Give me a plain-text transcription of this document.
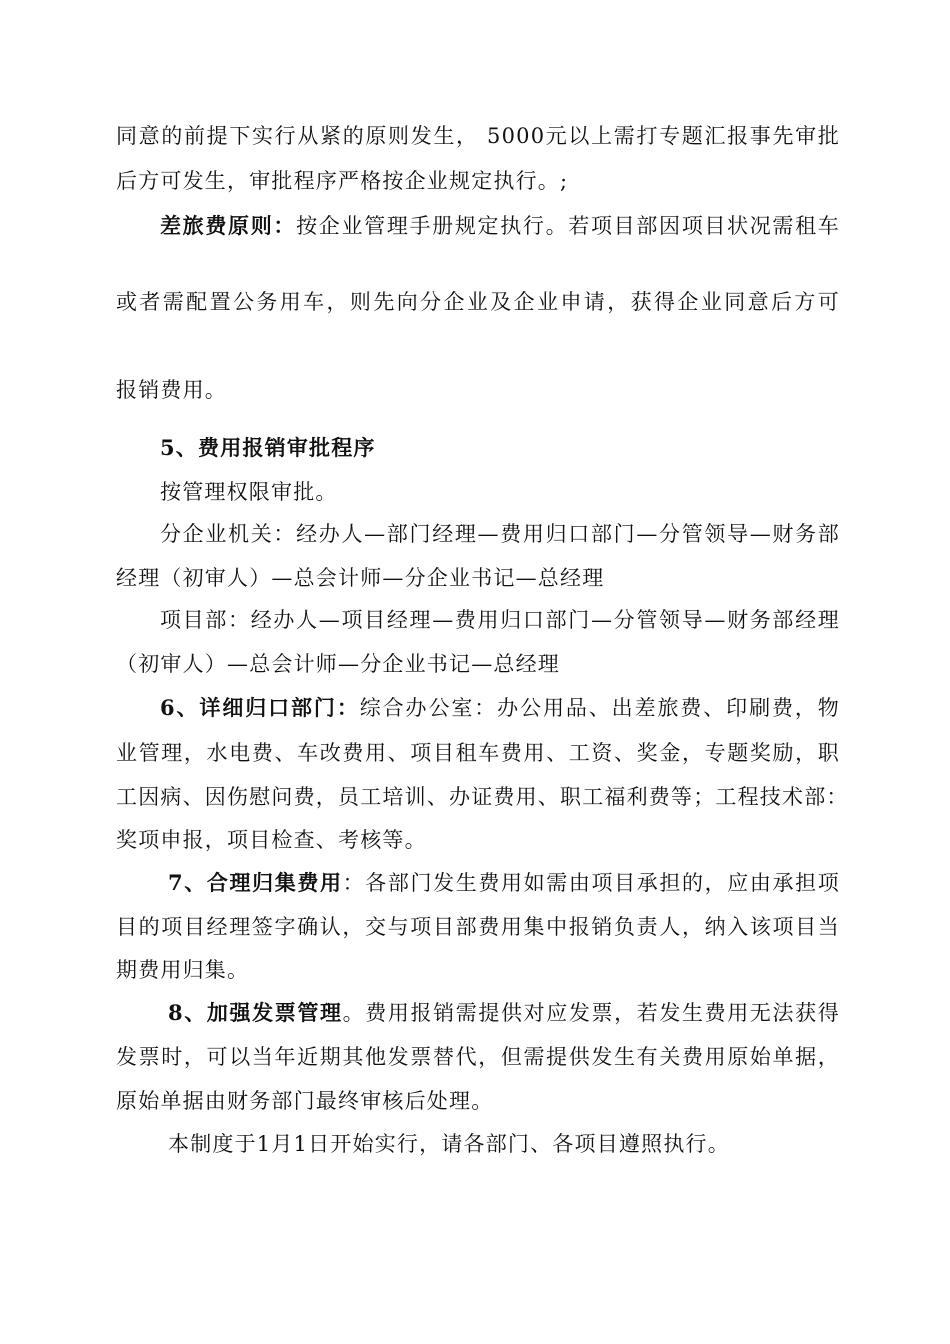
同意的前提下实行从紧的原则发生， 5000元以上需打专题汇报事先审批
后方可发生，审批程序严格按企业规定执行。;
差旅费原则：按企业管理手册规定执行。若项目部因项目状况需租车
或者需配置公务用车，则先向分企业及企业申请，获得企业同意后方可
报销费用。
5、费用报销审批程序
按管理权限审批。
分企业机关：经办人—部门经理—费用归口部门—分管领导—财务部
经理（初审人）—总会计师—分企业书记—总经理
项目部：经办人—项目经理—费用归口部门—分管领导—财务部经理
（初审人）—总会计师—分企业书记—总经理
6、详细归口部门：综合办公室：办公用品、出差旅费、印刷费，物
业管理，水电费、车改费用、项目租车费用、工资、奖金，专题奖励，职
工因病、因伤慰问费，员工培训、办证费用、职工福利费等；工程技术部：
奖项申报，项目检查、考核等。
7、合理归集费用：各部门发生费用如需由项目承担的，应由承担项
目的项目经理签字确认，交与项目部费用集中报销负责人，纳入该项目当
期费用归集。
8、加强发票管理。费用报销需提供对应发票，若发生费用无法获得
发票时，可以当年近期其他发票替代，但需提供发生有关费用原始单据，
原始单据由财务部门最终审核后处理。
本制度于1月1日开始实行，请各部门、各项目遵照执行。
